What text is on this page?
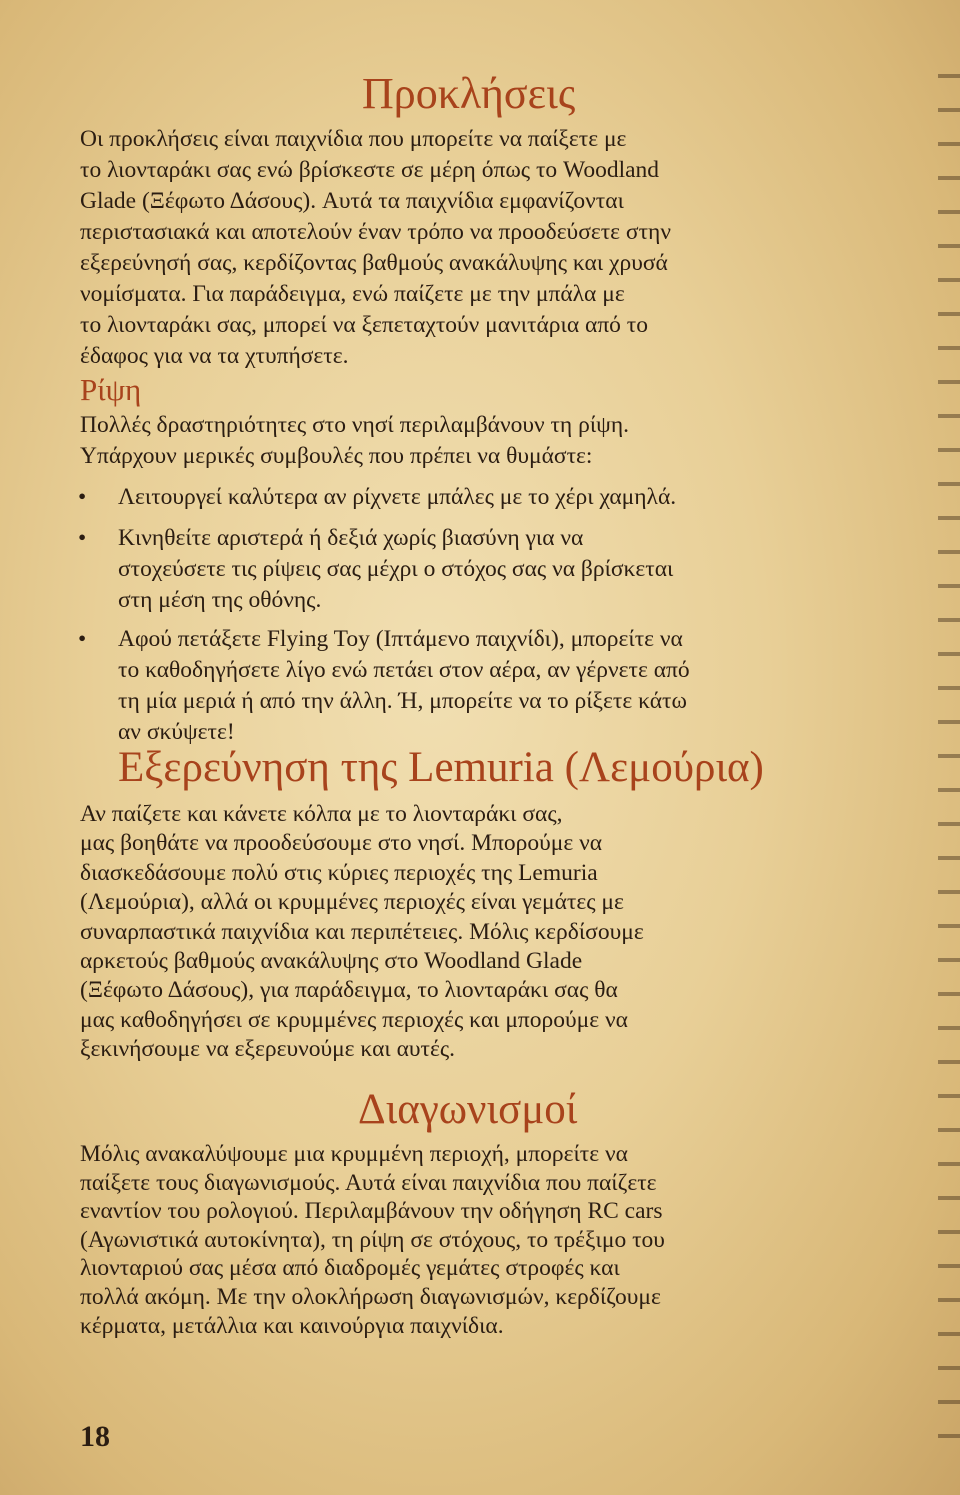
Προκλήσεις

Οι προκλήσεις είναι παιχνίδια που μπορείτε να παίξετε με
το λιονταράκι σας ενώ βρίσκεστε σε μέρη όπως το Woodland
Glade (Ξέφωτο Δάσους). Αυτά τα παιχνίδια εμφανίζονται
περιστασιακά και αποτελούν έναν τρόπο να προοδεύσετε στην
εξερεύνησή σας, κερδίζοντας βαθμούς ανακάλυψης και χρυσά
νομίσματα. Για παράδειγμα, ενώ παίζετε με την μπάλα με
το λιονταράκι σας, μπορεί να ξεπεταχτούν μανιτάρια από το
έδαφος για να τα χτυπήσετε.

Ρίψη

Πολλές δραστηριότητες στο νησί περιλαμβάνουν τη ρίψη.
Υπάρχουν μερικές συμβουλές που πρέπει να θυμάστε:

• Λειτουργεί καλύτερα αν ρίχνετε μπάλες με το χέρι χαμηλά.
• Κινηθείτε αριστερά ή δεξιά χωρίς βιασύνη για να
στοχεύσετε τις ρίψεις σας μέχρι ο στόχος σας να βρίσκεται
στη μέση της οθόνης.
• Αφού πετάξετε Flying Toy (Ιπτάμενο παιχνίδι), μπορείτε να
το καθοδηγήσετε λίγο ενώ πετάει στον αέρα, αν γέρνετε από
τη μία μεριά ή από την άλλη. Ή, μπορείτε να το ρίξετε κάτω
αν σκύψετε!
Εξερεύνηση της Lemuria (Λεμούρια)

Αν παίζετε και κάνετε κόλπα με το λιονταράκι σας,
μας βοηθάτε να προοδεύσουμε στο νησί. Μπορούμε να
διασκεδάσουμε πολύ στις κύριες περιοχές της Lemuria
(Λεμούρια), αλλά οι κρυμμένες περιοχές είναι γεμάτες με
συναρπαστικά παιχνίδια και περιπέτειες. Μόλις κερδίσουμε
αρκετούς βαθμούς ανακάλυψης στο Woodland Glade
(Ξέφωτο Δάσους), για παράδειγμα, το λιονταράκι σας θα
μας καθοδηγήσει σε κρυμμένες περιοχές και μπορούμε να
ξεκινήσουμε να εξερευνούμε και αυτές.

Διαγωνισμοί

Μόλις ανακαλύψουμε μια κρυμμένη περιοχή, μπορείτε να
παίξετε τους διαγωνισμούς. Αυτά είναι παιχνίδια που παίζετε
εναντίον του ρολογιού. Περιλαμβάνουν την οδήγηση RC cars
(Αγωνιστικά αυτοκίνητα), τη ρίψη σε στόχους, το τρέξιμο του
λιονταριού σας μέσα από διαδρομές γεμάτες στροφές και
πολλά ακόμη. Με την ολοκλήρωση διαγωνισμών, κερδίζουμε
κέρματα, μετάλλια και καινούργια παιχνίδια.

18
